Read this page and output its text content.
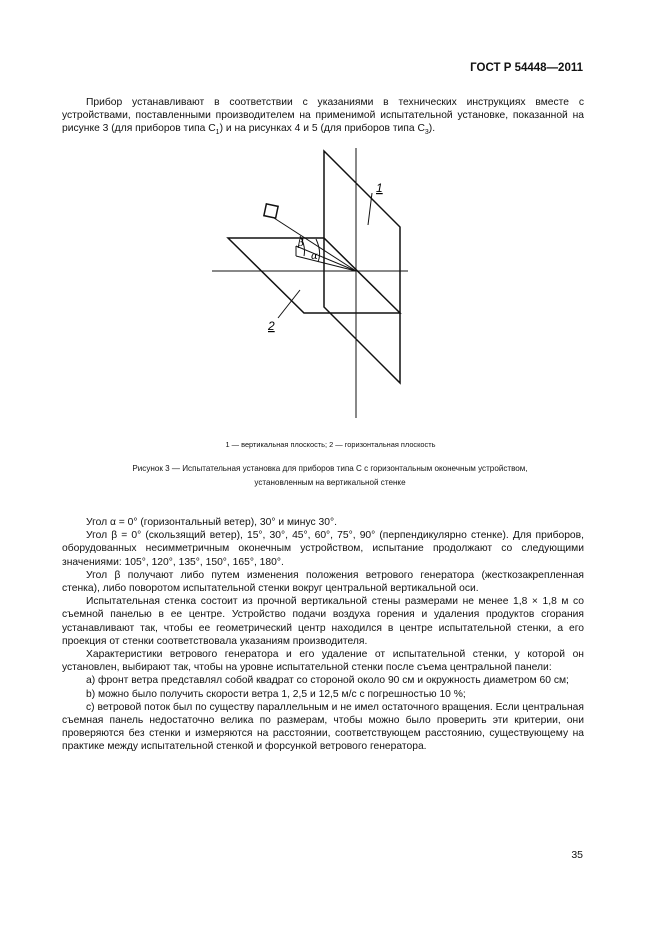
ГОСТ Р 54448—2011

Прибор устанавливают в соответствии с указаниями в технических инструкциях вместе с устройствами, поставленными производителем на применимой испытательной установке, показанной на рисунке 3 (для приборов типа $С_1$) и на рисунках 4 и 5 (для приборов типа $С_3$).

1
2
β
α
1 — вертикальная плоскость; 2 — горизонтальная плоскость
Рисунок 3 — Испытательная установка для приборов типа С с горизонтальным оконечным устройством,
установленным на вертикальной стенке

Угол α = 0° (горизонтальный ветер), 30° и минус 30°.

Угол β = 0° (скользящий ветер), 15°, 30°, 45°, 60°, 75°, 90° (перпендикулярно стенке). Для приборов, оборудованных несимметричным оконечным устройством, испытание продолжают со следующими значениями: 105°, 120°, 135°, 150°, 165°, 180°.

Угол β получают либо путем изменения положения ветрового генератора (жесткозакрепленная стенка), либо поворотом испытательной стенки вокруг центральной вертикальной оси.

Испытательная стенка состоит из прочной вертикальной стены размерами не менее 1,8 × 1,8 м со съемной панелью в ее центре. Устройство подачи воздуха горения и удаления продуктов сгорания устанавливают так, чтобы ее геометрический центр находился в центре испытательной стенки, а его проекция от стенки соответствовала указаниям производителя.

Характеристики ветрового генератора и его удаление от испытательной стенки, у которой он установлен, выбирают так, чтобы на уровне испытательной стенки после съема центральной панели:

а) фронт ветра представлял собой квадрат со стороной около 90 см и окружность диаметром 60 см;

b) можно было получить скорости ветра 1, 2,5 и 12,5 м/с с погрешностью 10 %;

c) ветровой поток был по существу параллельным и не имел остаточного вращения. Если центральная съемная панель недостаточно велика по размерам, чтобы можно было проверить эти критерии, они проверяются без стенки и измеряются на расстоянии, соответствующем расстоянию, существующему на практике между испытательной стенкой и форсункой ветрового генератора.

35
